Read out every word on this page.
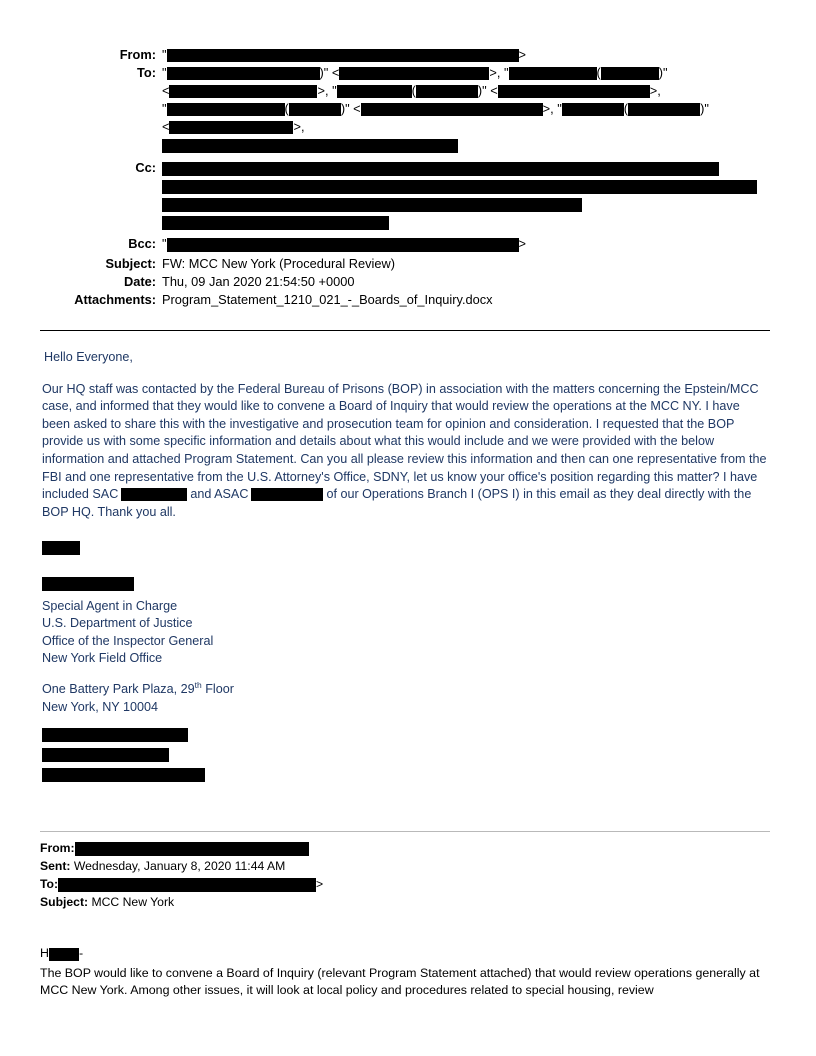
From: "	>
To: "	)" <	>, "	(	)"
<	>, "	(	)" <	>,
"	(	)" <	>, "	(	)"
<	>,
Cc:
Bcc: "	>
Subject: FW: MCC New York (Procedural Review)
Date: Thu, 09 Jan 2020 21:54:50 +0000
Attachments: Program_Statement_1210_021_-_Boards_of_Inquiry.docx
Hello Everyone,
Our HQ staff was contacted by the Federal Bureau of Prisons (BOP) in association with the matters concerning the Epstein/MCC case, and informed that they would like to convene a Board of Inquiry that would review the operations at the MCC NY. I have been asked to share this with the investigative and prosecution team for opinion and consideration. I requested that the BOP provide us with some specific information and details about what this would include and we were provided with the below information and attached Program Statement. Can you all please review this information and then can one representative from the FBI and one representative from the U.S. Attorney's Office, SDNY, let us know your office's position regarding this matter? I have included SAC	and ASAC	of our Operations Branch I (OPS I) in this email as they deal directly with the BOP HQ. Thank you all.
Special Agent in Charge
U.S. Department of Justice
Office of the Inspector General
New York Field Office
One Battery Park Plaza, 29th Floor
New York, NY 10004
From:
Sent: Wednesday, January 8, 2020 11:44 AM
To:	>
Subject: MCC New York
H -
The BOP would like to convene a Board of Inquiry (relevant Program Statement attached) that would review operations generally at MCC New York. Among other issues, it will look at local policy and procedures related to special housing, review
